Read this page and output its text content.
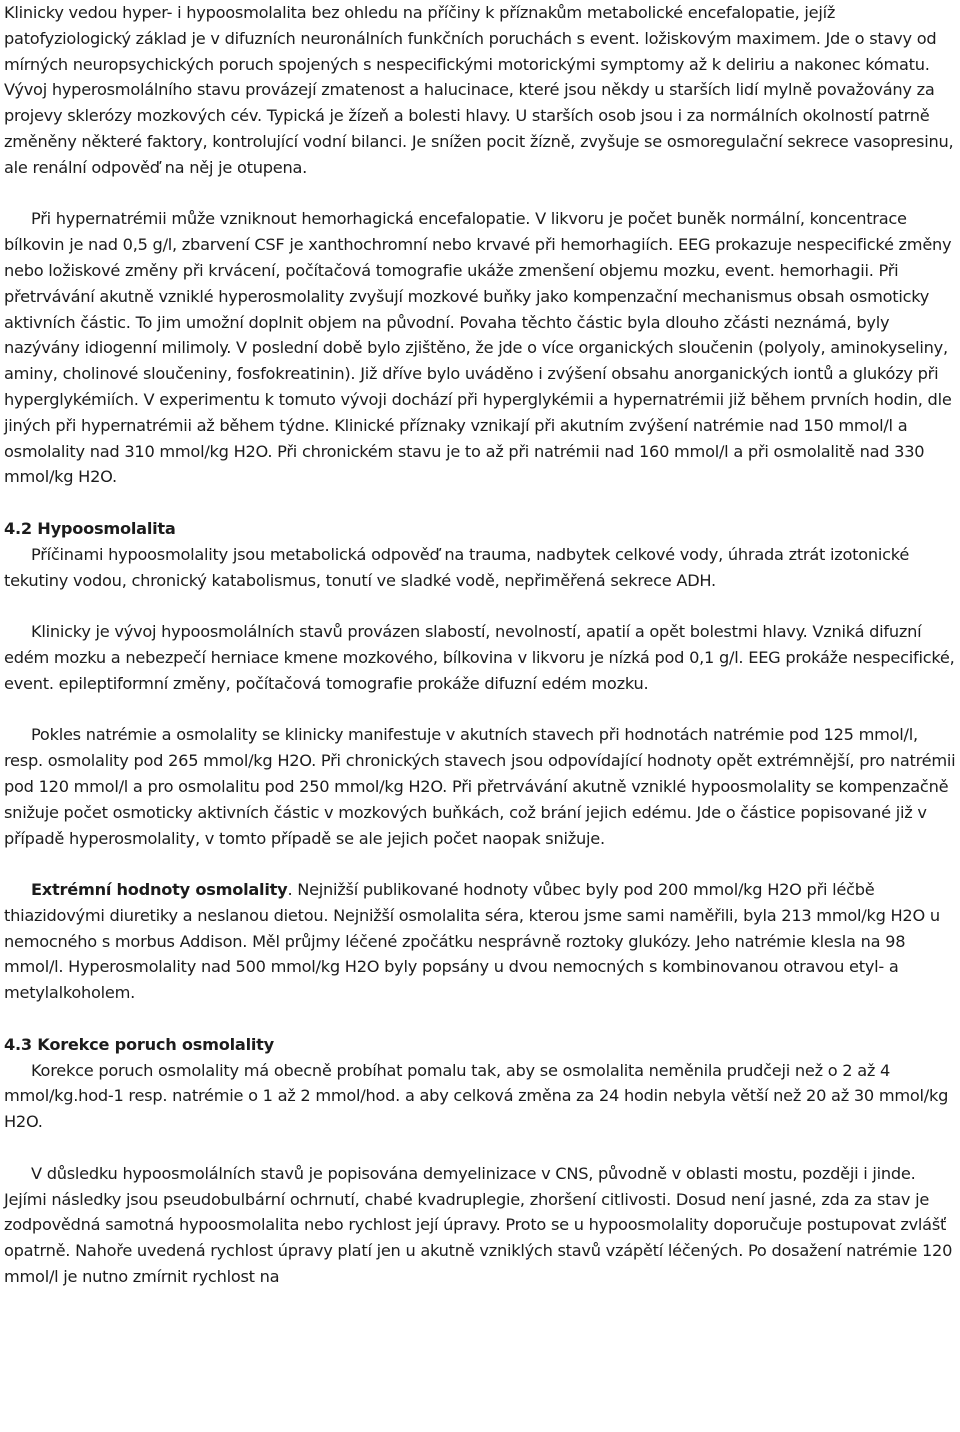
Klinicky vedou hyper- i hypoosmolalita bez ohledu na příčiny k příznakům metabolické encefalopatie, jejíž patofyziologický základ je v difuzních neuronálních funkčních poruchách s event. ložiskovým maximem. Jde o stavy od mírných neuropsychických poruch spojených s nespecifickými motorickými symptomy až k deliriu a nakonec kómatu. Vývoj hyperosmolálního stavu provázejí zmatenost a halucinace, které jsou někdy u starších lidí mylně považovány za projevy sklerózy mozkových cév. Typická je žízeň a bolesti hlavy. U starších osob jsou i za normálních okolností patrně změněny některé faktory, kontrolující vodní bilanci. Je snížen pocit žízně, zvyšuje se osmoregulační sekrece vasopresinu, ale renální odpověď na něj je otupena.

Při hypernatrémii může vzniknout hemorhagická encefalopatie. V likvoru je počet buněk normální, koncentrace bílkovin je nad 0,5 g/l, zbarvení CSF je xanthochromní nebo krvavé při hemorhagiích. EEG prokazuje nespecifické změny nebo ložiskové změny při krvácení, počítačová tomografie ukáže zmenšení objemu mozku, event. hemorhagii. Při přetrvávání akutně vzniklé hyperosmolality zvyšují mozkové buňky jako kompenzační mechanismus obsah osmoticky aktivních částic. To jim umožní doplnit objem na původní. Povaha těchto částic byla dlouho zčásti neznámá, byly nazývány idiogenní milimoly. V poslední době bylo zjištěno, že jde o více organických sloučenin (polyoly, aminokyseliny, aminy, cholinové sloučeniny, fosfokreatinin). Již dříve bylo uváděno i zvýšení obsahu anorganických iontů a glukózy při hyperglykémiích. V experimentu k tomuto vývoji dochází při hyperglykémii a hypernatrémii již během prvních hodin, dle jiných při hypernatrémii až během týdne. Klinické příznaky vznikají při akutním zvýšení natrémie nad 150 mmol/l a osmolality nad 310 mmol/kg H2O. Při chronickém stavu je to až při natrémii nad 160 mmol/l a při osmolalitě nad 330 mmol/kg H2O.

4.2 Hypoosmolalita

Příčinami hypoosmolality jsou metabolická odpověď na trauma, nadbytek celkové vody, úhrada ztrát izotonické tekutiny vodou, chronický katabolismus, tonutí ve sladké vodě, nepřiměřená sekrece ADH.

Klinicky je vývoj hypoosmolálních stavů provázen slabostí, nevolností, apatií a opět bolestmi hlavy. Vzniká difuzní edém mozku a nebezpečí herniace kmene mozkového, bílkovina v likvoru je nízká pod 0,1 g/l. EEG prokáže nespecifické, event. epileptiformní změny, počítačová tomografie prokáže difuzní edém mozku.

Pokles natrémie a osmolality se klinicky manifestuje v akutních stavech při hodnotách natrémie pod 125 mmol/l, resp. osmolality pod 265 mmol/kg H2O. Při chronických stavech jsou odpovídající hodnoty opět extrémnější, pro natrémii pod 120 mmol/l a pro osmolalitu pod 250 mmol/kg H2O. Při přetrvávání akutně vzniklé hypoosmolality se kompenzačně snižuje počet osmoticky aktivních částic v mozkových buňkách, což brání jejich edému. Jde o částice popisované již v případě hyperosmolality, v tomto případě se ale jejich počet naopak snižuje.

Extrémní hodnoty osmolality. Nejnižší publikované hodnoty vůbec byly pod 200 mmol/kg H2O při léčbě thiazidovými diuretiky a neslanou dietou. Nejnižší osmolalita séra, kterou jsme sami naměřili, byla 213 mmol/kg H2O u nemocného s morbus Addison. Měl průjmy léčené zpočátku nesprávně roztoky glukózy. Jeho natrémie klesla na 98 mmol/l. Hyperosmolality nad 500 mmol/kg H2O byly popsány u dvou nemocných s kombinovanou otravou etyl- a metylalkoholem.

4.3 Korekce poruch osmolality

Korekce poruch osmolality má obecně probíhat pomalu tak, aby se osmolalita neměnila prudčeji než o 2 až 4 mmol/kg.hod-1 resp. natrémie o 1 až 2 mmol/hod. a aby celková změna za 24 hodin nebyla větší než 20 až 30 mmol/kg H2O.

V důsledku hypoosmolálních stavů je popisována demyelinizace v CNS, původně v oblasti mostu, později i jinde. Jejími následky jsou pseudobulbární ochrnutí, chabé kvadruplegie, zhoršení citlivosti. Dosud není jasné, zda za stav je zodpovědná samotná hypoosmolalita nebo rychlost její úpravy. Proto se u hypoosmolality doporučuje postupovat zvlášť opatrně. Nahoře uvedená rychlost úpravy platí jen u akutně vzniklých stavů vzápětí léčených. Po dosažení natrémie 120 mmol/l je nutno zmírnit rychlost na
